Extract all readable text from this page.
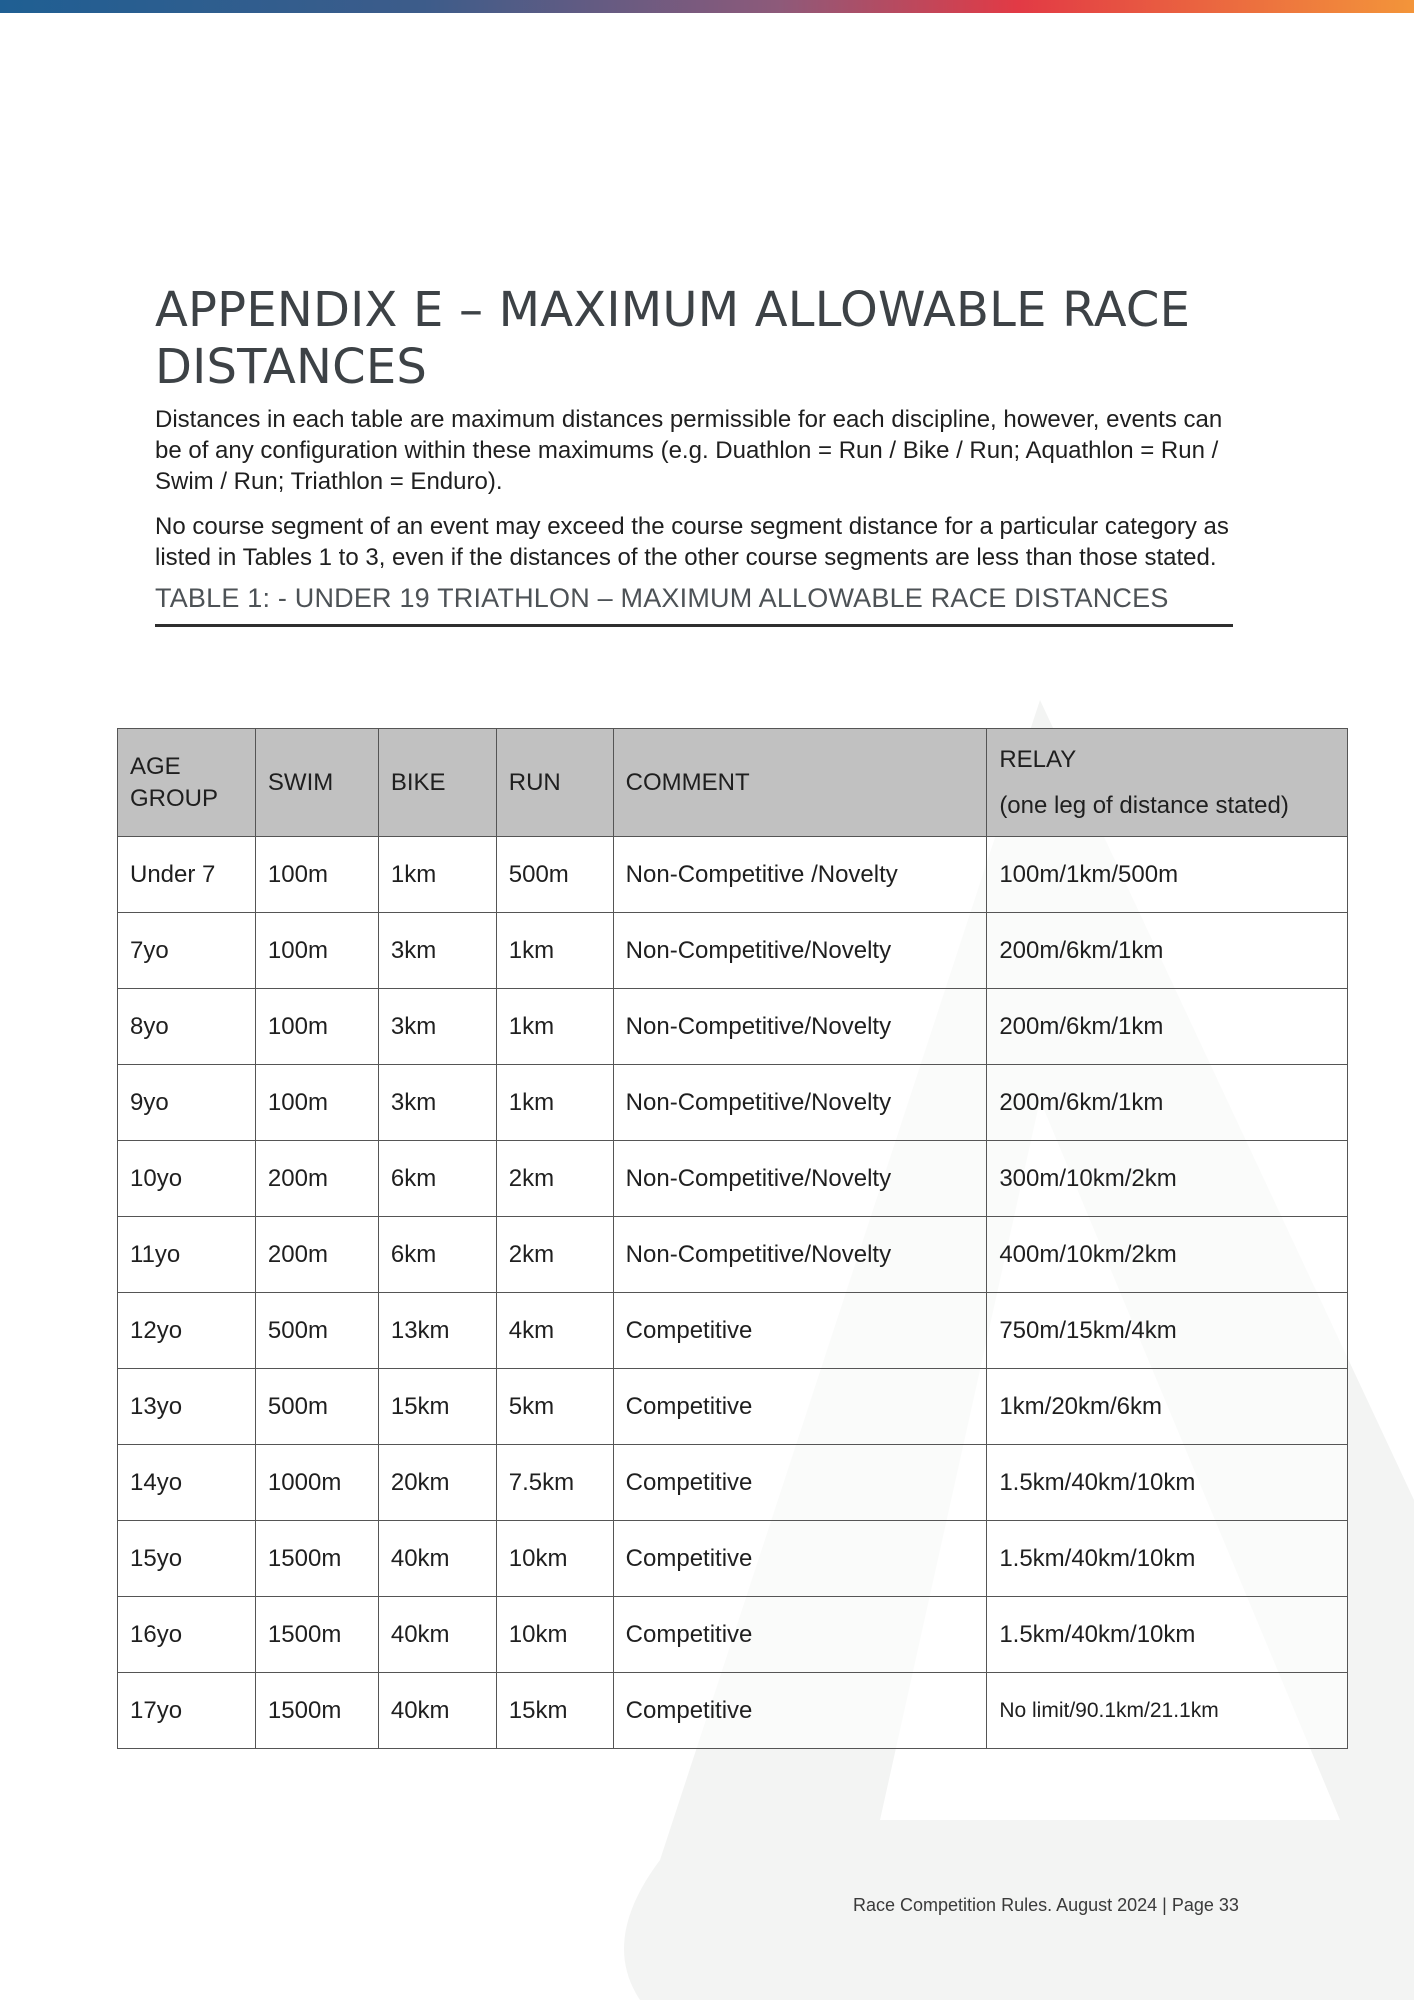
APPENDIX E – MAXIMUM ALLOWABLE RACE DISTANCES

Distances in each table are maximum distances permissible for each discipline, however, events can be of any configuration within these maximums (e.g. Duathlon = Run / Bike / Run; Aquathlon = Run / Swim / Run; Triathlon = Enduro).

No course segment of an event may exceed the course segment distance for a particular category as listed in Tables 1 to 3, even if the distances of the other course segments are less than those stated.

TABLE 1: - UNDER 19 TRIATHLON – MAXIMUM ALLOWABLE RACE DISTANCES
AGE GROUP	SWIM	BIKE	RUN	COMMENT	RELAY
(one leg of distance stated)

Under 7	100m	1km	500m	Non-Competitive /Novelty	100m/1km/500m
7yo	100m	3km	1km	Non-Competitive/Novelty	200m/6km/1km
8yo	100m	3km	1km	Non-Competitive/Novelty	200m/6km/1km
9yo	100m	3km	1km	Non-Competitive/Novelty	200m/6km/1km
10yo	200m	6km	2km	Non-Competitive/Novelty	300m/10km/2km
11yo	200m	6km	2km	Non-Competitive/Novelty	400m/10km/2km
12yo	500m	13km	4km	Competitive	750m/15km/4km
13yo	500m	15km	5km	Competitive	1km/20km/6km
14yo	1000m	20km	7.5km	Competitive	1.5km/40km/10km
15yo	1500m	40km	10km	Competitive	1.5km/40km/10km
16yo	1500m	40km	10km	Competitive	1.5km/40km/10km
17yo	1500m	40km	15km	Competitive	No limit/90.1km/21.1km
Race Competition Rules. August 2024 | Page 33
